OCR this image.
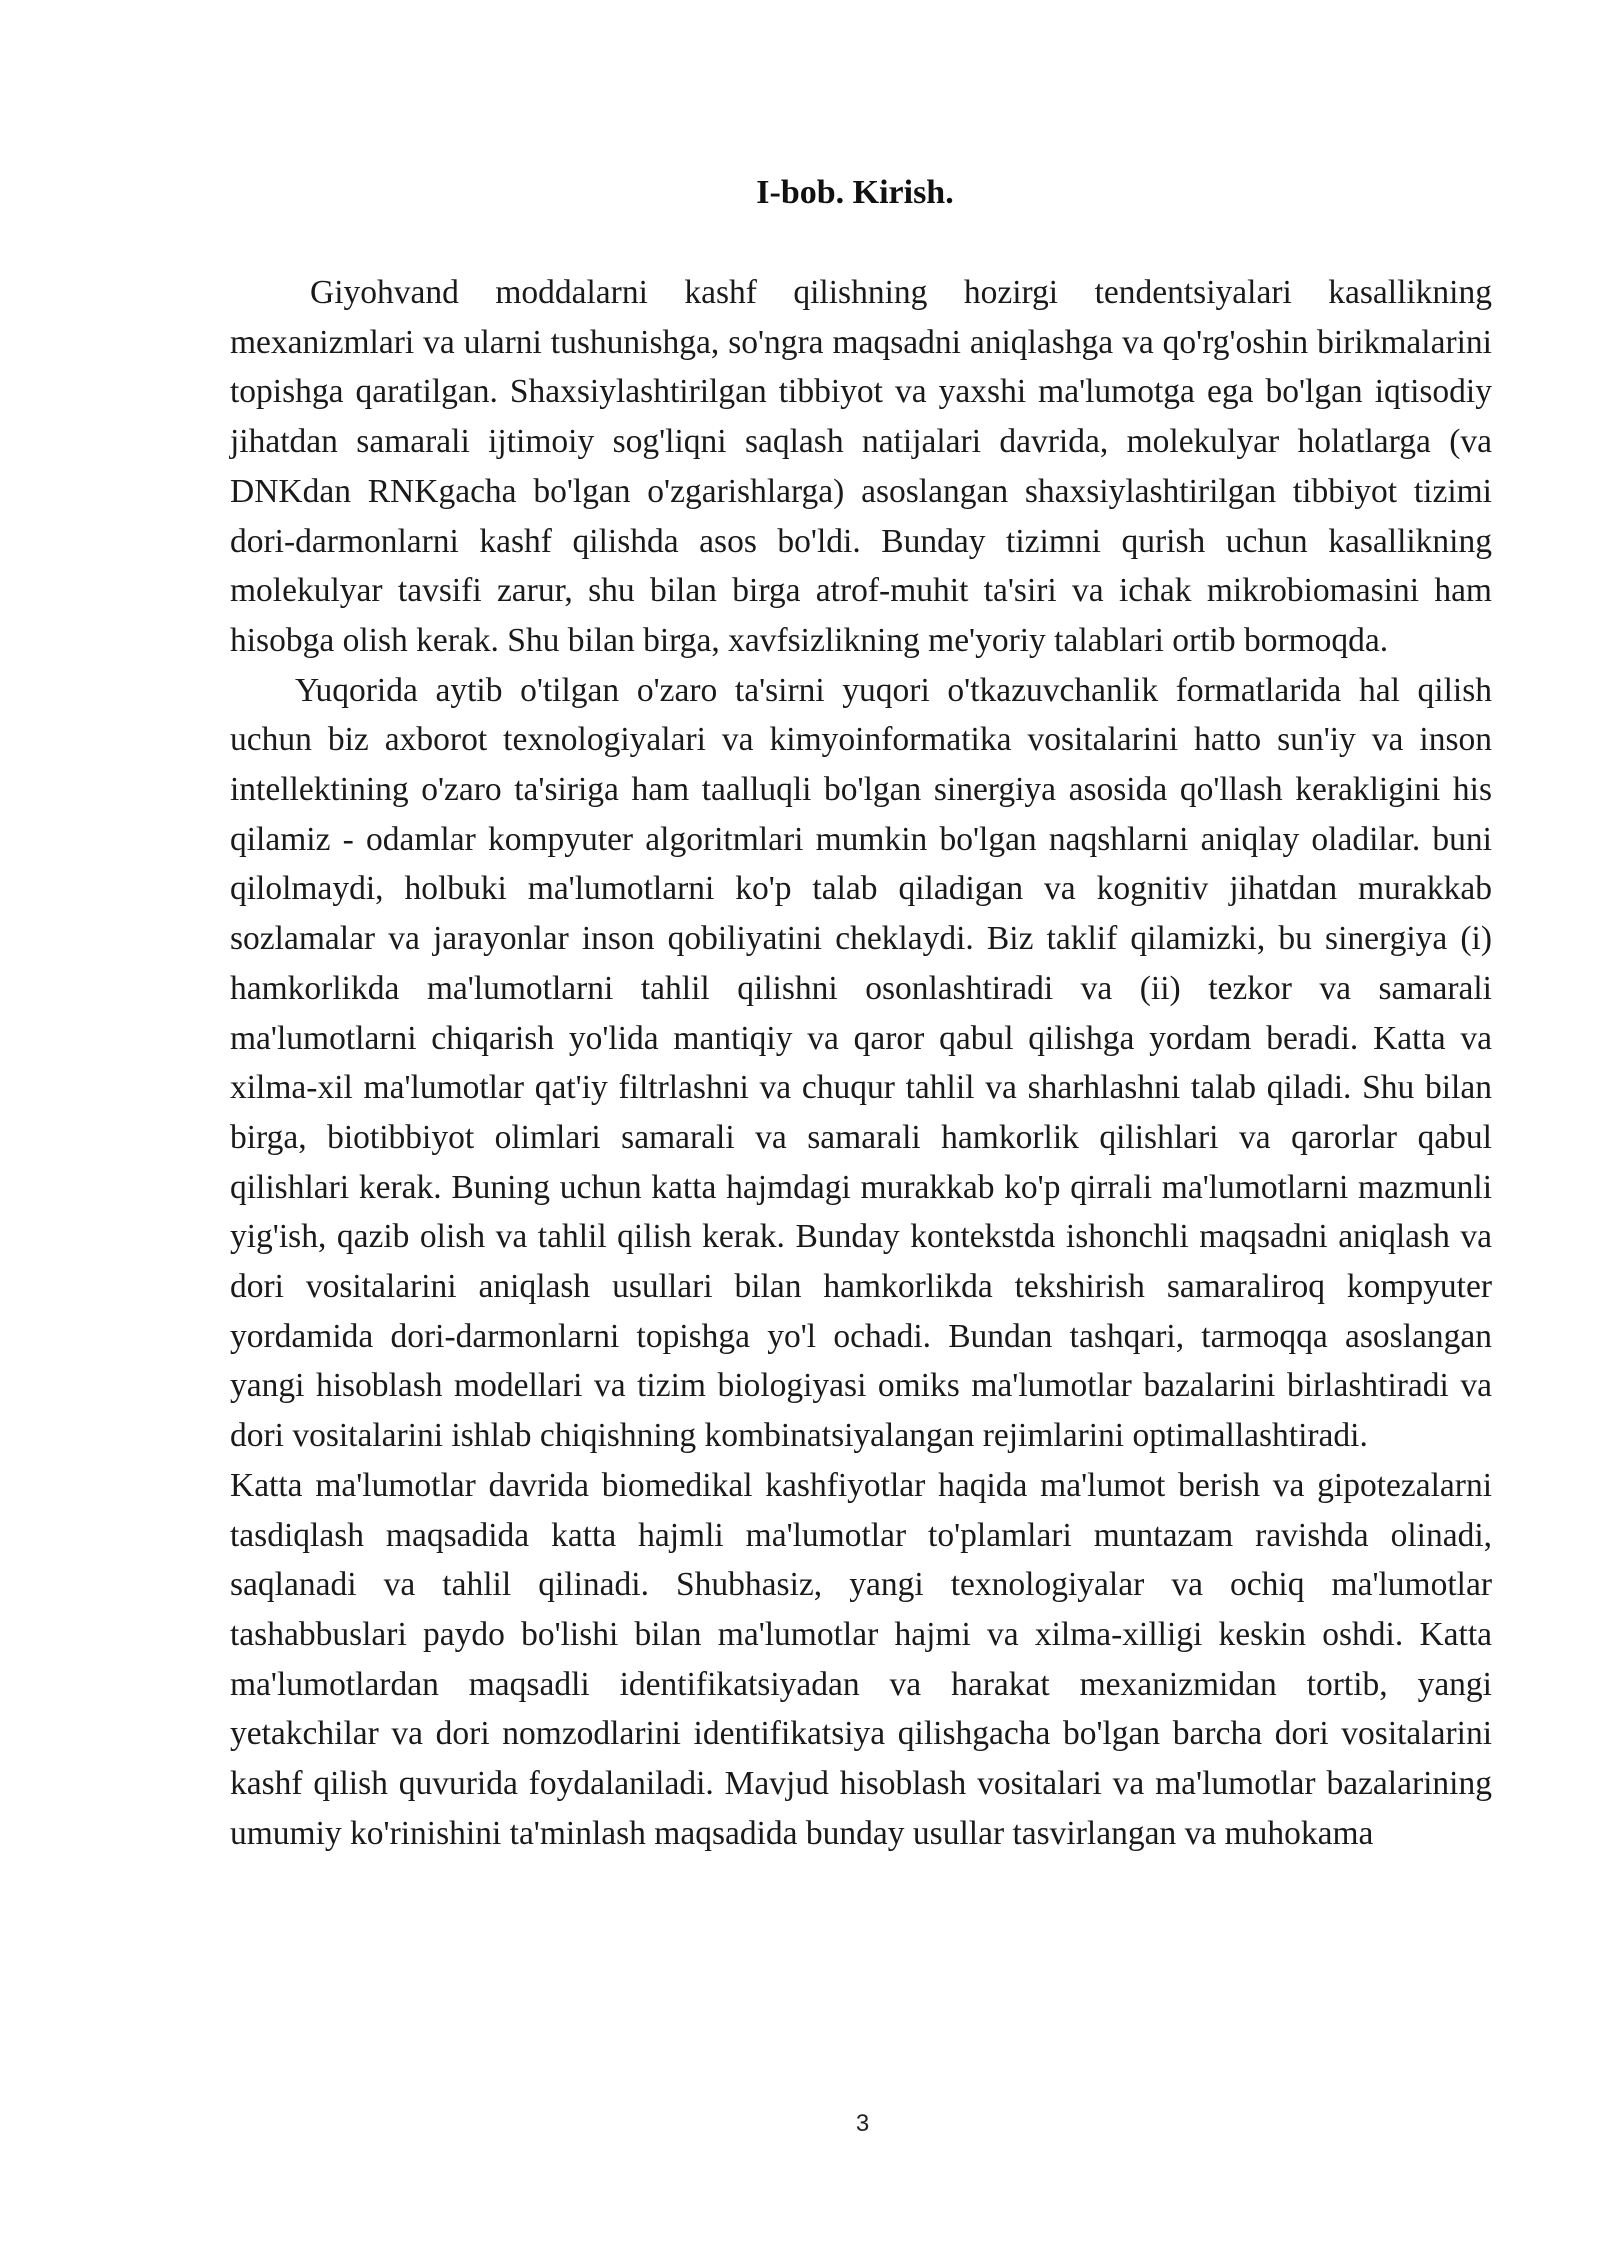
I-bob. Kirish.

Giyohvand moddalarni kashf qilishning hozirgi tendentsiyalari kasallikning mexanizmlari va ularni tushunishga, so'ngra maqsadni aniqlashga va qo'rg'oshin birikmalarini topishga qaratilgan. Shaxsiylashtirilgan tibbiyot va yaxshi ma'lumotga ega bo'lgan iqtisodiy jihatdan samarali ijtimoiy sog'liqni saqlash natijalari davrida, molekulyar holatlarga (va DNKdan RNKgacha bo'lgan o'zgarishlarga) asoslangan shaxsiylashtirilgan tibbiyot tizimi dori-darmonlarni kashf qilishda asos bo'ldi. Bunday tizimni qurish uchun kasallikning molekulyar tavsifi zarur, shu bilan birga atrof-muhit ta'siri va ichak mikrobiomasini ham hisobga olish kerak. Shu bilan birga, xavfsizlikning me'yoriy talablari ortib bormoqda.

Yuqorida aytib o'tilgan o'zaro ta'sirni yuqori o'tkazuvchanlik formatlarida hal qilish uchun biz axborot texnologiyalari va kimyoinformatika vositalarini hatto sun'iy va inson intellektining o'zaro ta'siriga ham taalluqli bo'lgan sinergiya asosida qo'llash kerakligini his qilamiz - odamlar kompyuter algoritmlari mumkin bo'lgan naqshlarni aniqlay oladilar. buni qilolmaydi, holbuki ma'lumotlarni ko'p talab qiladigan va kognitiv jihatdan murakkab sozlamalar va jarayonlar inson qobiliyatini cheklaydi. Biz taklif qilamizki, bu sinergiya (i) hamkorlikda ma'lumotlarni tahlil qilishni osonlashtiradi va (ii) tezkor va samarali ma'lumotlarni chiqarish yo'lida mantiqiy va qaror qabul qilishga yordam beradi. Katta va xilma-xil ma'lumotlar qat'iy filtrlashni va chuqur tahlil va sharhlashni talab qiladi. Shu bilan birga, biotibbiyot olimlari samarali va samarali hamkorlik qilishlari va qarorlar qabul qilishlari kerak. Buning uchun katta hajmdagi murakkab ko'p qirrali ma'lumotlarni mazmunli yig'ish, qazib olish va tahlil qilish kerak. Bunday kontekstda ishonchli maqsadni aniqlash va dori vositalarini aniqlash usullari bilan hamkorlikda tekshirish samaraliroq kompyuter yordamida dori-darmonlarni topishga yo'l ochadi. Bundan tashqari, tarmoqqa asoslangan yangi hisoblash modellari va tizim biologiyasi omiks ma'lumotlar bazalarini birlashtiradi va dori vositalarini ishlab chiqishning kombinatsiyalangan rejimlarini optimallashtiradi.

Katta ma'lumotlar davrida biomedikal kashfiyotlar haqida ma'lumot berish va gipotezalarni tasdiqlash maqsadida katta hajmli ma'lumotlar to'plamlari muntazam ravishda olinadi, saqlanadi va tahlil qilinadi. Shubhasiz, yangi texnologiyalar va ochiq ma'lumotlar tashabbuslari paydo bo'lishi bilan ma'lumotlar hajmi va xilma-xilligi keskin oshdi. Katta ma'lumotlardan maqsadli identifikatsiyadan va harakat mexanizmidan tortib, yangi yetakchilar va dori nomzodlarini identifikatsiya qilishgacha bo'lgan barcha dori vositalarini kashf qilish quvurida foydalaniladi. Mavjud hisoblash vositalari va ma'lumotlar bazalarining umumiy ko'rinishini ta'minlash maqsadida bunday usullar tasvirlangan va muhokama

3
